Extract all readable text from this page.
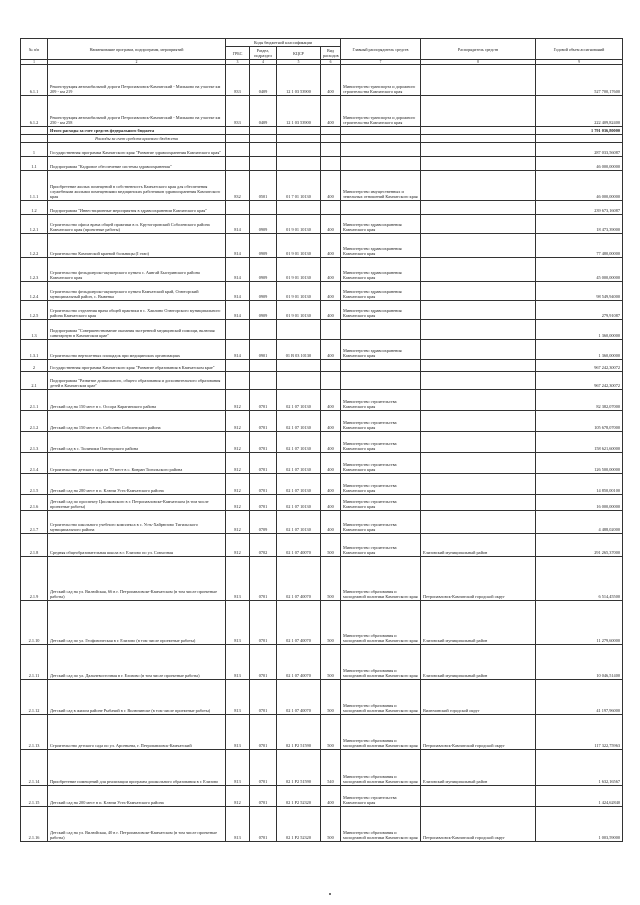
№ п/п	Наименование программ, подпрограмм, мероприятий	Коды бюджетной классификации				Главный распорядитель средств	Распорядитель средств	Годовой объем ассигнований
		ГРБС	Раздел, подраздел	КЦСР	Вид расходов			
1	2	3	4	5	6	7	8	9
6.1.1	Реконструкция автомобильной дороги Петропавловск-Камчатский - Мильково на участке км 209 - км 219	833	0409	12 1 03 53900	400	Министерство транспорта и дорожного строительства Камчатского края		527 700,17600
6.1.2	Реконструкция автомобильной дороги Петропавловск-Камчатский - Мильково на участке км 250 - км 258	833	0409	12 1 03 53900	400	Министерство транспорта и дорожного строительства Камчатского края		222 409,82400
	Итого расходы за счет средств федерального бюджета							1 791 036,80000
	Расходы за счет средств краевого бюджета							
1	Государственная программа Камчатского края "Развитие здравоохранения Камчатского края"							287 033,56087
1.1	Подпрограмма "Кадровое обеспечение системы здравоохранения"							46 000,00000
1.1.1	Приобретение жилых помещений в собственность Камчатского края для обеспечения служебными жилыми помещениями медицинских работников здравоохранения Камчатского края	832	0501	01 7 01 10130	400	Министерство имущественных и земельных отношений Камчатского края		46 000,00000
1.2	Подпрограмма "Инвестиционные мероприятия в здравоохранении Камчатского края"							239 673,16087
1.2.1	Строительство офиса врача общей практики в п. Крутогоровский Соболевского района Камчатского края (проектные работы)	814	0909	01 9 01 10130	400	Министерство здравоохранения Камчатского края		18 473,39000
1.2.2	Строительство Камчатской краевой больницы (I этап)	814	0909	01 9 01 10130	400	Министерство здравоохранения Камчатского края		77 480,00000
1.2.3	Строительство фельдшерско-акушерского пункта с. Аянгай Быстринского района Камчатского края	814	0909	01 9 01 10130	400	Министерство здравоохранения Камчатского края		45 000,00000
1.2.4	Строительство фельдшерско-акушерского пункта Камчатский край, Олюторский муниципальный район, с. Вывенка	814	0909	01 9 01 10130	400	Министерство здравоохранения Камчатского края		98 549,94000
1.2.5	Строительство отделения врача общей практики в с. Хаилино Олюторского муниципального района Камчатского края	814	0909	01 9 01 10130	400	Министерство здравоохранения Камчатского края		279,91087
1.3	Подпрограмма "Совершенствование оказания экстренной медицинской помощи, включая санитарную в Камчатском крае"							1 360,00000
1.3.1	Строительство вертолетных площадок при медицинских организациях	814	0901	01 В 03 10130	400	Министерство здравоохранения Камчатского края		1 360,00000
2	Государственная программа Камчатского края "Развитие образования в Камчатском крае"							967 242,30072
2.1	Подпрограмма "Развитие дошкольного, общего образования и дополнительного образования детей в Камчатском крае"							967 242,30072
2.1.1	Детский сад на 150 мест в с. Оссора Карагинского района	812	0701	02 1 07 10130	400	Министерство строительства Камчатского края		82 382,07000
2.1.2	Детский сад на 150 мест в с. Соболево Соболевского района	812	0701	02 1 07 10130	400	Министерство строительства Камчатского края		105 678,07000
2.1.3	Детский сад в с. Тиличики Олюторского района	812	0701	02 1 07 10130	400	Министерство строительства Камчатского края		158 621,60000
2.1.4	Строительство детского сада на 70 мест в с. Ковран Тигильского района	812	0701	02 1 07 10130	400	Министерство строительства Камчатского края		126 500,00000
2.1.5	Детский сад на 280 мест в п. Ключи Усть-Камчатского района	812	0701	02 1 07 10130	400	Министерство строительства Камчатского края		14 850,00100
2.1.6	Детский сад по проспекту Циолковского в г. Петропавловске-Камчатском (в том числе проектные работы)	812	0701	02 1 07 10130	400	Министерство строительства Камчатского края		16 000,00000
2.1.7	Строительство школьного учебного комплекса в с. Усть-Хайрюзово Тигильского муниципального района	812	0709	02 1 07 10130	400	Министерство строительства Камчатского края		4 488,02000
2.1.8	Средняя общеобразовательная школа в г. Елизово по ул. Совхозная	812	0702	02 1 07 40070	500	Министерство строительства Камчатского края	Елизовский муниципальный район	291 265,37000
2.1.9	Детский сад на ул. Вилюйская, 66 в г. Петропавловске-Камчатском (в том числе проектные работы)	813	0701	02 1 07 40070	500	Министерство образования и молодежной политики Камчатского края	Петропавловск-Камчатский городской округ	6 514,45500
2.1.10	Детский сад по ул. Геофизическая в г. Елизово (в том числе проектные работы)	813	0701	02 1 07 40070	500	Министерство образования и молодежной политики Камчатского края	Елизовский муниципальный район	11 279,60000
2.1.11	Детский сад по ул. Дальневосточная в г. Елизово (в том числе проектные работы)	813	0701	02 1 07 40070	500	Министерство образования и молодежной политики Камчатского края	Елизовский муниципальный район	10 046,51400
2.1.12	Детский сад в жилом районе Рыбачий в г. Вилючинске (в том числе проектные работы)	813	0701	02 1 07 40070	500	Министерство образования и молодежной политики Камчатского края	Вилючинский городской округ	41 197,96000
2.1.13	Строительство детского сада по ул. Арсеньева, г. Петропавловск-Камчатский	813	0701	02 1 Р2 51590	500	Министерство образования и молодежной политики Камчатского края	Петропавловск-Камчатский городской округ	117 322,75963
2.1.14	Приобретение помещений для реализации программ дошкольного образования в г. Елизово	813	0701	02 1 Р2 51590	540	Министерство образования и молодежной политики Камчатского края	Елизовский муниципальный район	1 632,16567
2.1.15	Детский сад на 200 мест в п. Ключи Усть-Камчатского района	812	0701	02 1 Р2 52320	400	Министерство строительства Камчатского края		1 424,62840
2.1.16	Детский сад на ул. Вилюйская, 40 в г. Петропавловске-Камчатском (в том числе проектные работы)	813	0701	02 1 Р2 52320	500	Министерство образования и молодежной политики Камчатского края	Петропавловск-Камчатский городской округ	1 003,59000
